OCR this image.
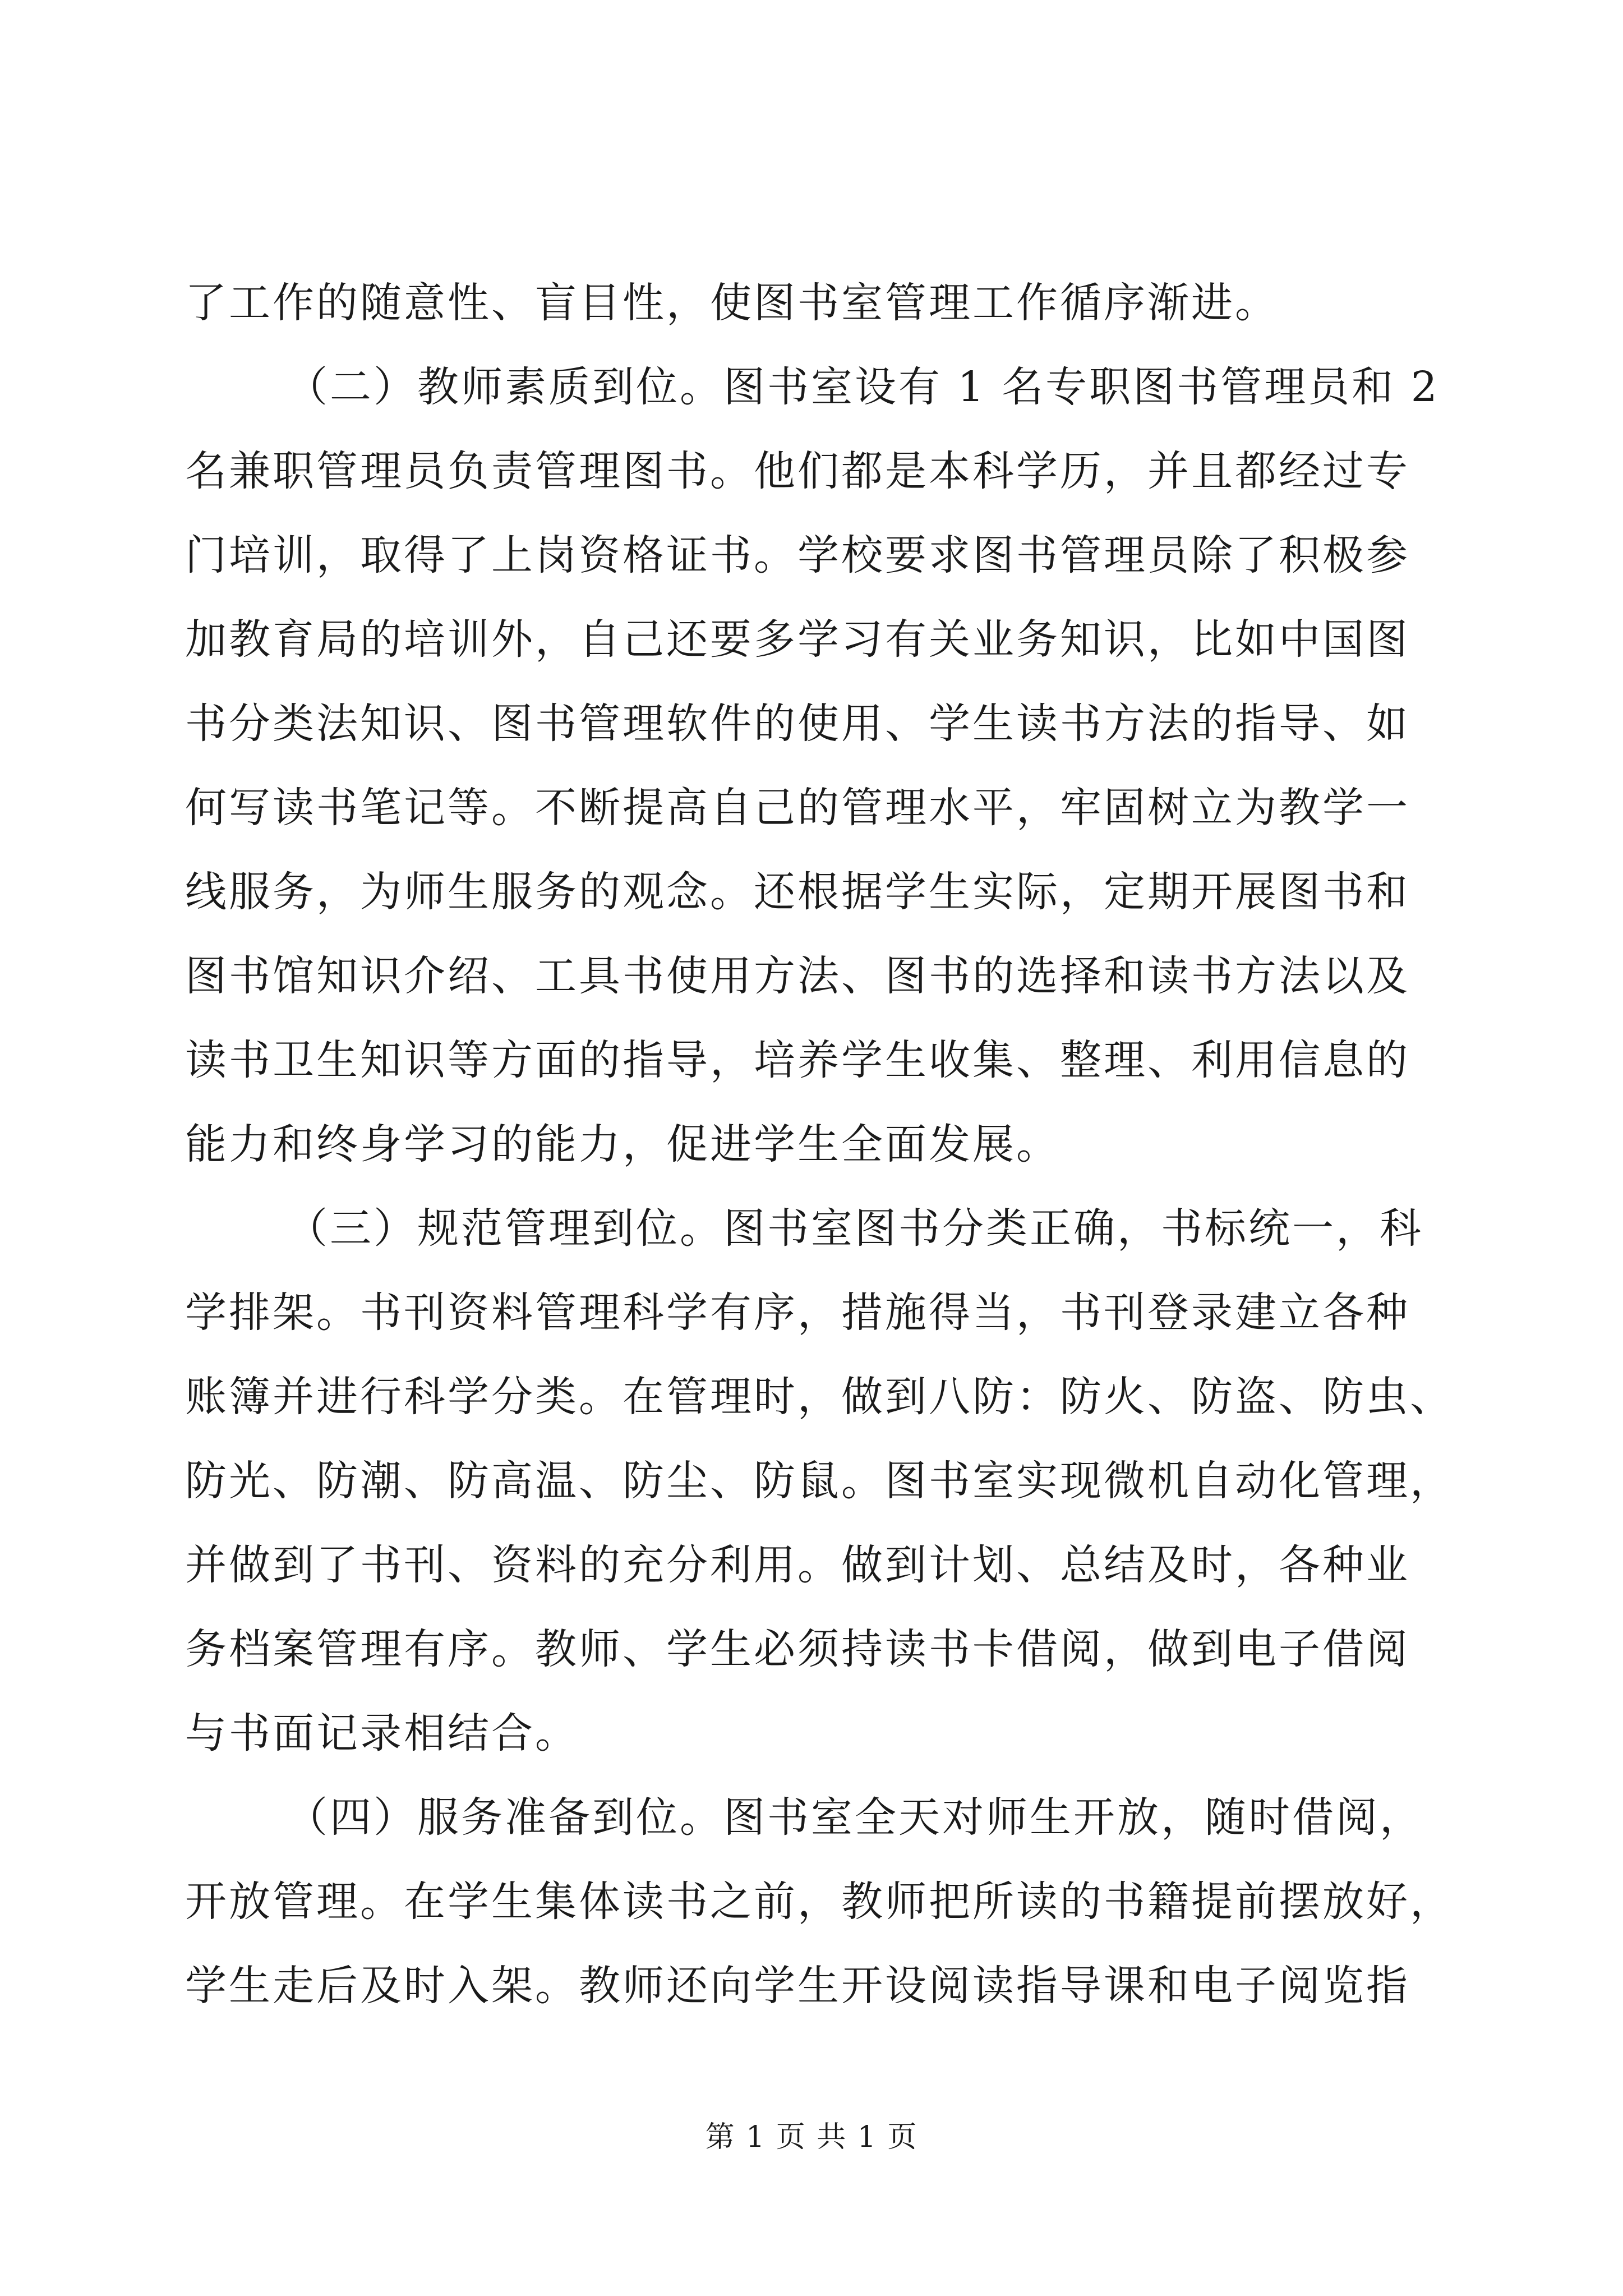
了工作的随意性、盲目性，使图书室管理工作循序渐进。
（二）教师素质到位。图书室设有 1 名专职图书管理员和 2
名兼职管理员负责管理图书。他们都是本科学历，并且都经过专
门培训，取得了上岗资格证书。学校要求图书管理员除了积极参
加教育局的培训外，自己还要多学习有关业务知识，比如中国图
书分类法知识、图书管理软件的使用、学生读书方法的指导、如
何写读书笔记等。不断提高自己的管理水平，牢固树立为教学一
线服务，为师生服务的观念。还根据学生实际，定期开展图书和
图书馆知识介绍、工具书使用方法、图书的选择和读书方法以及
读书卫生知识等方面的指导，培养学生收集、整理、利用信息的
能力和终身学习的能力，促进学生全面发展。
（三）规范管理到位。图书室图书分类正确，书标统一，科
学排架。书刊资料管理科学有序，措施得当，书刊登录建立各种
账簿并进行科学分类。在管理时，做到八防：防火、防盗、防虫、
防光、防潮、防高温、防尘、防鼠。图书室实现微机自动化管理，
并做到了书刊、资料的充分利用。做到计划、总结及时，各种业
务档案管理有序。教师、学生必须持读书卡借阅，做到电子借阅
与书面记录相结合。
（四）服务准备到位。图书室全天对师生开放，随时借阅，
开放管理。在学生集体读书之前，教师把所读的书籍提前摆放好，
学生走后及时入架。教师还向学生开设阅读指导课和电子阅览指
第 1 页 共 1 页
